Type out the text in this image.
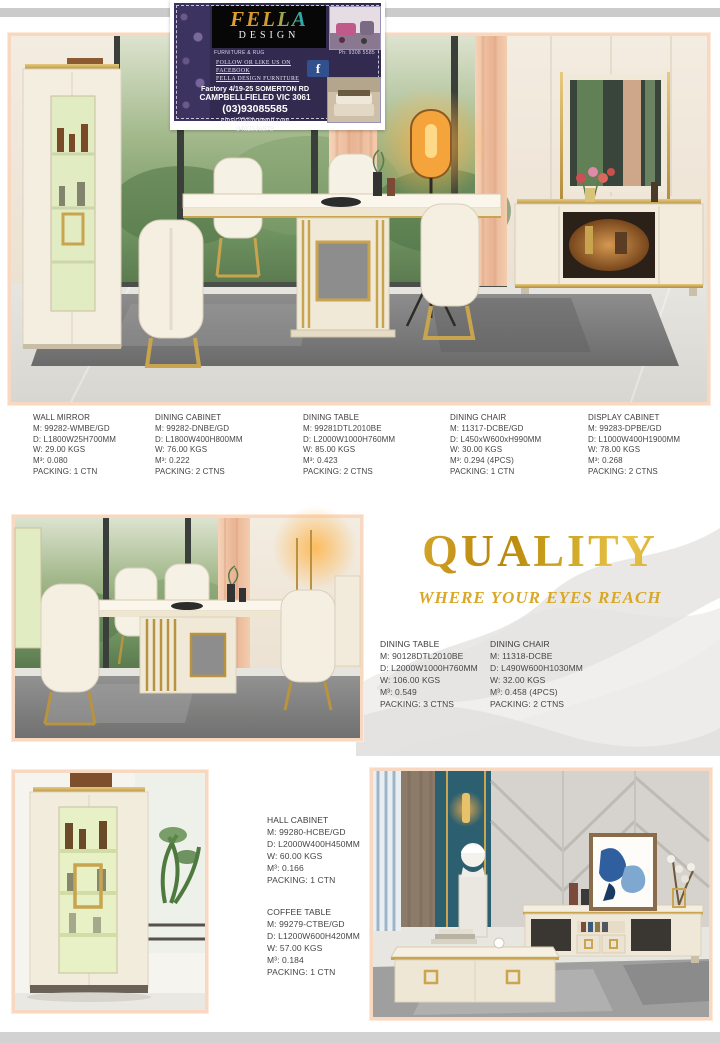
FELLA
DESIGN
FURNITURE & RUG	Ph: 9308 5585
FOLLOW OR LIKE US ON
FACEBOOK
FELLA DESIGN FURNITURE
f
Factory 4/19-25 SOMERTON RD
CAMPBELLFIELED VIC 3061
(03)93085585
elusit20@hotmail.com
0402516879
WALL MIRROR
M: 99282-WMBE/GD
D: L1800W25H700MM
W: 29.00 KGS
M³: 0.080
PACKING: 1 CTN
DINING CABINET
M: 99282-DNBE/GD
D: L1800W400H800MM
W: 76.00 KGS
M³: 0.222
PACKING: 2 CTNS
DINING TABLE
M: 99281DTL2010BE
D: L2000W1000H760MM
W: 85.00 KGS
M³: 0.423
PACKING: 2 CTNS
DINING CHAIR
M: 11317-DCBE/GD
D: L450xW600xH990MM
W: 30.00 KGS
M³: 0.294 (4PCS)
PACKING: 1 CTN
DISPLAY CABINET
M: 99283-DPBE/GD
D: L1000W400H1900MM
W: 78.00 KGS
M³: 0.268
PACKING: 2 CTNS
QUALITY
WHERE YOUR EYES REACH
DINING TABLE
M: 90128DTL2010BE
D: L2000W1000H760MM
W: 106.00 KGS
M³: 0.549
PACKING: 3 CTNS
DINING CHAIR
M: 11318-DCBE
D: L490W600H1030MM
W: 32.00 KGS
M³: 0.458 (4PCS)
PACKING: 2 CTNS
HALL CABINET
M: 99280-HCBE/GD
D: L2000W400H450MM
W: 60.00 KGS
M³: 0.166
PACKING: 1 CTN
COFFEE TABLE
M: 99279-CTBE/GD
D: L1200W600H420MM
W: 57.00 KGS
M³: 0.184
PACKING: 1 CTN
